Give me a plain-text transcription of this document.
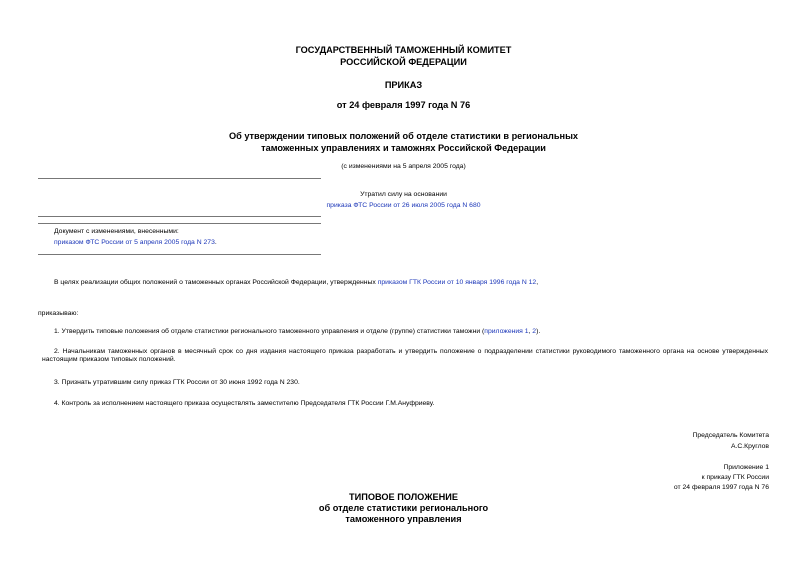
ГОСУДАРСТВЕННЫЙ ТАМОЖЕННЫЙ КОМИТЕТ
РОССИЙСКОЙ ФЕДЕРАЦИИ
ПРИКАЗ
от 24 февраля 1997 года N 76
Об утверждении типовых положений об отделе статистики в региональных
таможенных управлениях и таможнях Российской Федерации
(с изменениями на 5 апреля 2005 года)
Утратил силу на основании
приказа ФТС России от 26 июля 2005 года N 680
Документ с изменениями, внесенными:
приказом ФТС России от 5 апреля 2005 года N 273.
В целях реализации общих положений о таможенных органах Российской Федерации, утвержденных приказом ГТК России от 10 января 1996 года N 12,
приказываю:
1. Утвердить типовые положения об отделе статистики регионального таможенного управления и отделе (группе) статистики таможни (приложения 1, 2).
2. Начальникам таможенных органов в месячный срок со дня издания настоящего приказа разработать и утвердить положение о подразделении статистики руководимого таможенного органа на основе утвержденных настоящим приказом типовых положений.
3. Признать утратившим силу приказ ГТК России от 30 июня 1992 года N 230.
4. Контроль за исполнением настоящего приказа осуществлять заместителю Председателя ГТК России Г.М.Ануфриеву.
Председатель Комитета
А.С.Круглов
Приложение 1
к приказу ГТК России
от 24 февраля 1997 года N 76
ТИПОВОЕ ПОЛОЖЕНИЕ
об отделе статистики регионального
таможенного управления
